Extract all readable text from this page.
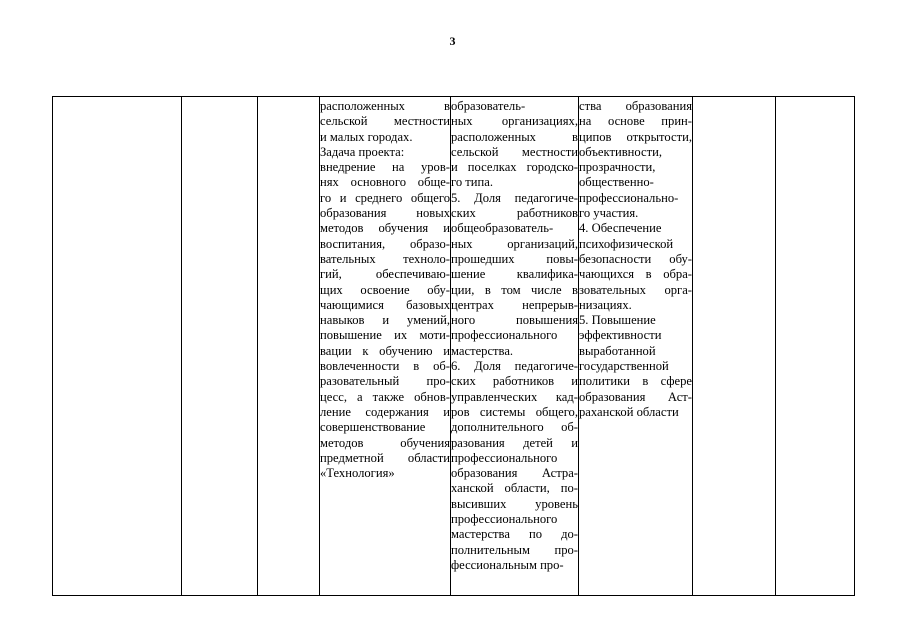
3
расположенных в
сельской местности
и малых городах.
Задача проекта:
внедрение на уров-
нях основного обще-
го и среднего общего
образования новых
методов обучения и
воспитания, образо-
вательных техноло-
гий, обеспечиваю-
щих освоение обу-
чающимися базовых
навыков и умений,
повышение их моти-
вации к обучению и
вовлеченности в об-
разовательный про-
цесс, а также обнов-
ление содержания и
совершенствование
методов обучения
предметной области
«Технология»
образователь-
ных организациях,
расположенных в
сельской местности
и поселках городско-
го типа.
5. Доля педагогиче-
ских работников
общеобразователь-
ных организаций,
прошедших повы-
шение квалифика-
ции, в том числе в
центрах непрерыв-
ного повышения
профессионального
мастерства.
6. Доля педагогиче-
ских работников и
управленческих кад-
ров системы общего,
дополнительного об-
разования детей и
профессионального
образования Астра-
ханской области, по-
высивших уровень
профессионального
мастерства по до-
полнительным про-
фессиональным про-
ства образования
на основе прин-
ципов открытости,
объективности,
прозрачности,
общественно-
профессионально-
го участия.
4. Обеспечение
психофизической
безопасности обу-
чающихся в обра-
зовательных орга-
низациях.
5. Повышение
эффективности
выработанной
государственной
политики в сфере
образования Аст-
раханской области
